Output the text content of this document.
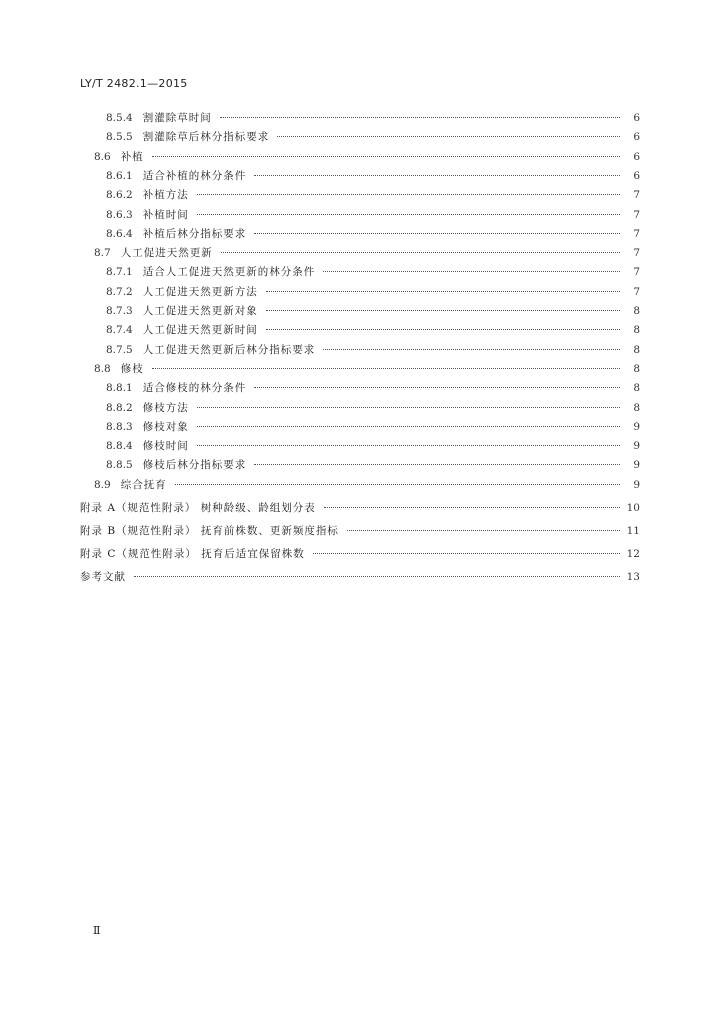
LY/T 2482.1—2015
8.5.4 割灌除草时间	6
8.5.5 割灌除草后林分指标要求	6
8.6 补植	6
8.6.1 适合补植的林分条件	6
8.6.2 补植方法	7
8.6.3 补植时间	7
8.6.4 补植后林分指标要求	7
8.7 人工促进天然更新	7
8.7.1 适合人工促进天然更新的林分条件	7
8.7.2 人工促进天然更新方法	7
8.7.3 人工促进天然更新对象	8
8.7.4 人工促进天然更新时间	8
8.7.5 人工促进天然更新后林分指标要求	8
8.8 修枝	8
8.8.1 适合修枝的林分条件	8
8.8.2 修枝方法	8
8.8.3 修枝对象	9
8.8.4 修枝时间	9
8.8.5 修枝后林分指标要求	9
8.9 综合抚育	9
附录 A（规范性附录） 树种龄级、龄组划分表	10
附录 B（规范性附录） 抚育前株数、更新频度指标	11
附录 C（规范性附录） 抚育后适宜保留株数	12
参考文献	13
Ⅱ
